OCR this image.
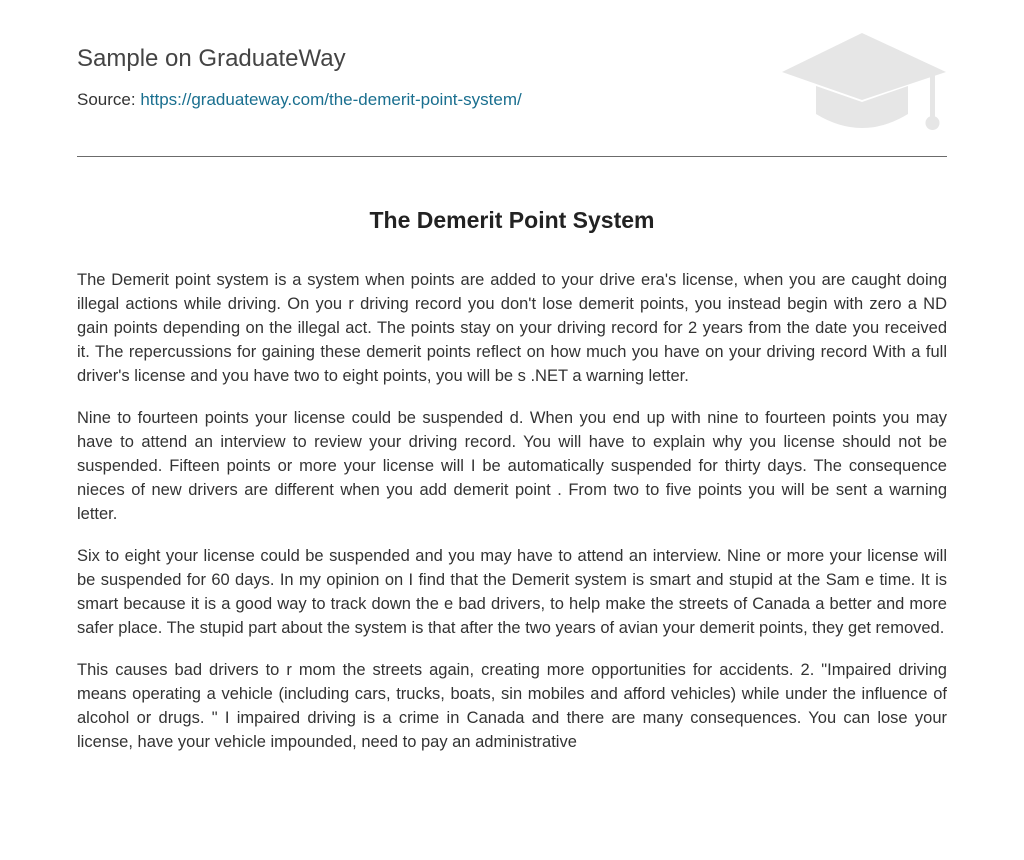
Sample on GraduateWay
Source: https://graduateway.com/the-demerit-point-system/
The Demerit Point System

The Demerit point system is a system when points are added to your drive era's license, when you are caught doing illegal actions while driving. On you r driving record you don't lose demerit points, you instead begin with zero a ND gain points depending on the illegal act. The points stay on your driving record for 2 years from the date you received it. The repercussions for gaining these demerit points reflect on how much you have on your driving record With a full driver's license and you have two to eight points, you will be s .NET a warning letter.

Nine to fourteen points your license could be suspended d. When you end up with nine to fourteen points you may have to attend an interview to review your driving record. You will have to explain why you license should not be suspended. Fifteen points or more your license will I be automatically suspended for thirty days. The consequence nieces of new drivers are different when you add demerit point . From two to five points you will be sent a warning letter.

Six to eight your license could be suspended and you may have to attend an interview. Nine or more your license will be suspended for 60 days. In my opinion on I find that the Demerit system is smart and stupid at the Sam e time. It is smart because it is a good way to track down the e bad drivers, to help make the streets of Canada a better and more safer place. The stupid part about the system is that after the two years of avian your demerit points, they get removed.

This causes bad drivers to r mom the streets again, creating more opportunities for accidents. 2. "Impaired driving means operating a vehicle (including cars, trucks, boats, sin mobiles and afford vehicles) while under the influence of alcohol or drugs. " I impaired driving is a crime in Canada and there are many consequences. You can lose your license, have your vehicle impounded, need to pay an administrative
